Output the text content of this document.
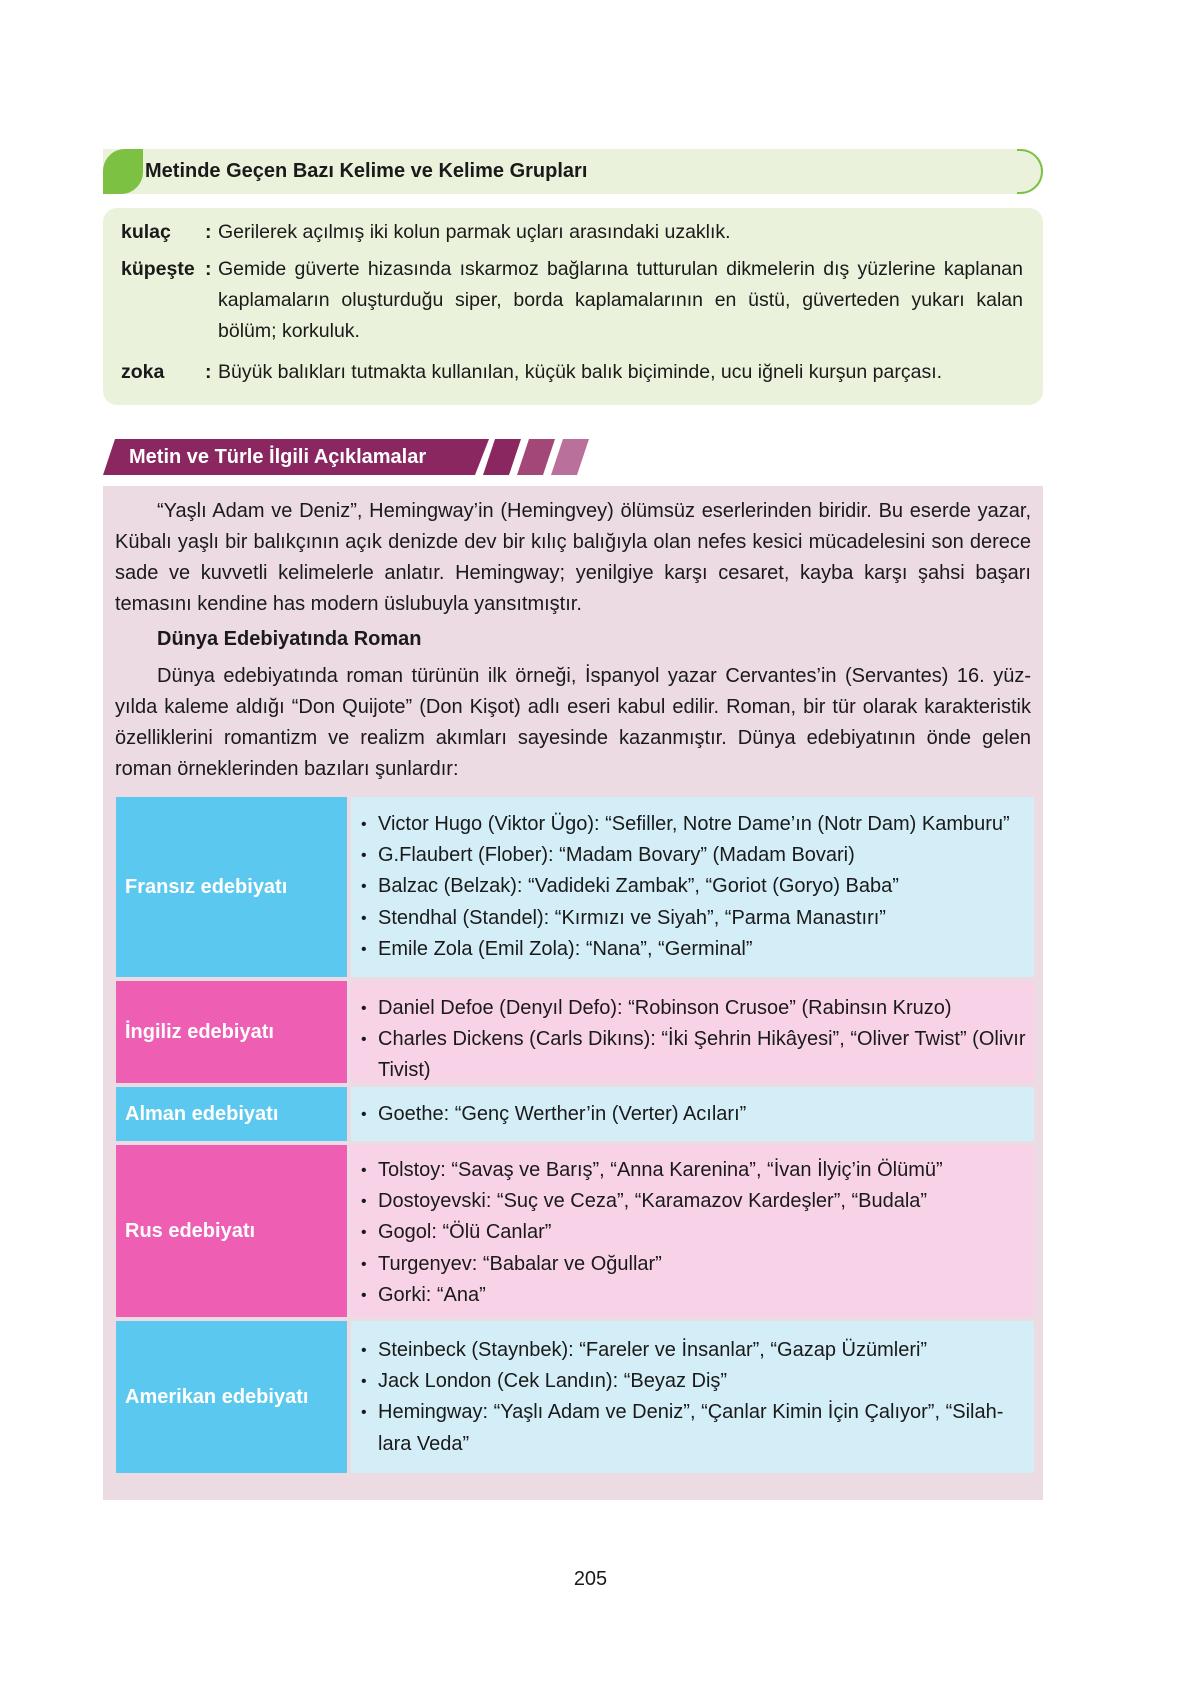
Metinde Geçen Bazı Kelime ve Kelime Grupları
kulaç : Gerilerek açılmış iki kolun parmak uçları arasındaki uzaklık.
küpeşte : Gemide güverte hizasında ıskarmoz bağlarına tutturulan dikmelerin dış yüzlerine kaplanan kaplamaların oluşturduğu siper, borda kaplamalarının en üstü, güverteden yukarı kalan bölüm; korkuluk.
zoka : Büyük balıkları tutmakta kullanılan, küçük balık biçiminde, ucu iğneli kurşun parçası.
Metin ve Türle İlgili Açıklamalar

“Yaşlı Adam ve Deniz”, Hemingway’in (Hemingvey) ölümsüz eserlerinden biridir. Bu eserde yazar, Kübalı yaşlı bir balıkçının açık denizde dev bir kılıç balığıyla olan nefes kesici mücadelesini son derece sade ve kuvvetli kelimelerle anlatır. Hemingway; yenilgiye karşı cesaret, kayba karşı şahsi başarı temasını kendine has modern üslubuyla yansıtmıştır.

Dünya Edebiyatında Roman

Dünya edebiyatında roman türünün ilk örneği, İspanyol yazar Cervantes’in (Servantes) 16. yüzyılda kaleme aldığı “Don Quijote” (Don Kişot) adlı eseri kabul edilir. Roman, bir tür olarak karakteristik özelliklerini romantizm ve realizm akımları sayesinde kazanmıştır. Dünya edebiyatının önde gelen roman örneklerinden bazıları şunlardır:

Fransız edebiyatı
• Victor Hugo (Viktor Ügo): “Sefiller, Notre Dame’ın (Notr Dam) Kamburu”
• G.Flaubert (Flober): “Madam Bovary” (Madam Bovari)
• Balzac (Belzak): “Vadideki Zambak”, “Goriot (Goryo) Baba”
• Stendhal (Standel): “Kırmızı ve Siyah”, “Parma Manastırı”
• Emile Zola (Emil Zola): “Nana”, “Germinal”
İngiliz edebiyatı
• Daniel Defoe (Denyıl Defo): “Robinson Crusoe” (Rabinsın Kruzo)
• Charles Dickens (Carls Dikıns): “İki Şehrin Hikâyesi”, “Oliver Twist” (Olivır Tivist)
Alman edebiyatı
•	Goethe: “Genç Werther’in (Verter) Acıları”
Rus edebiyatı
• Tolstoy: “Savaş ve Barış”, “Anna Karenina”, “İvan İlyiç’in Ölümü”
• Dostoyevski: “Suç ve Ceza”, “Karamazov Kardeşler”, “Budala”
• Gogol: “Ölü Canlar”
• Turgenyev: “Babalar ve Oğullar”
• Gorki: “Ana”
Amerikan edebiyatı
• Steinbeck (Staynbek): “Fareler ve İnsanlar”, “Gazap Üzümleri”
• Jack London (Cek Landın): “Beyaz Diş”
• Hemingway: “Yaşlı Adam ve Deniz”, “Çanlar Kimin İçin Çalıyor”, “Silahlara Veda”
205
